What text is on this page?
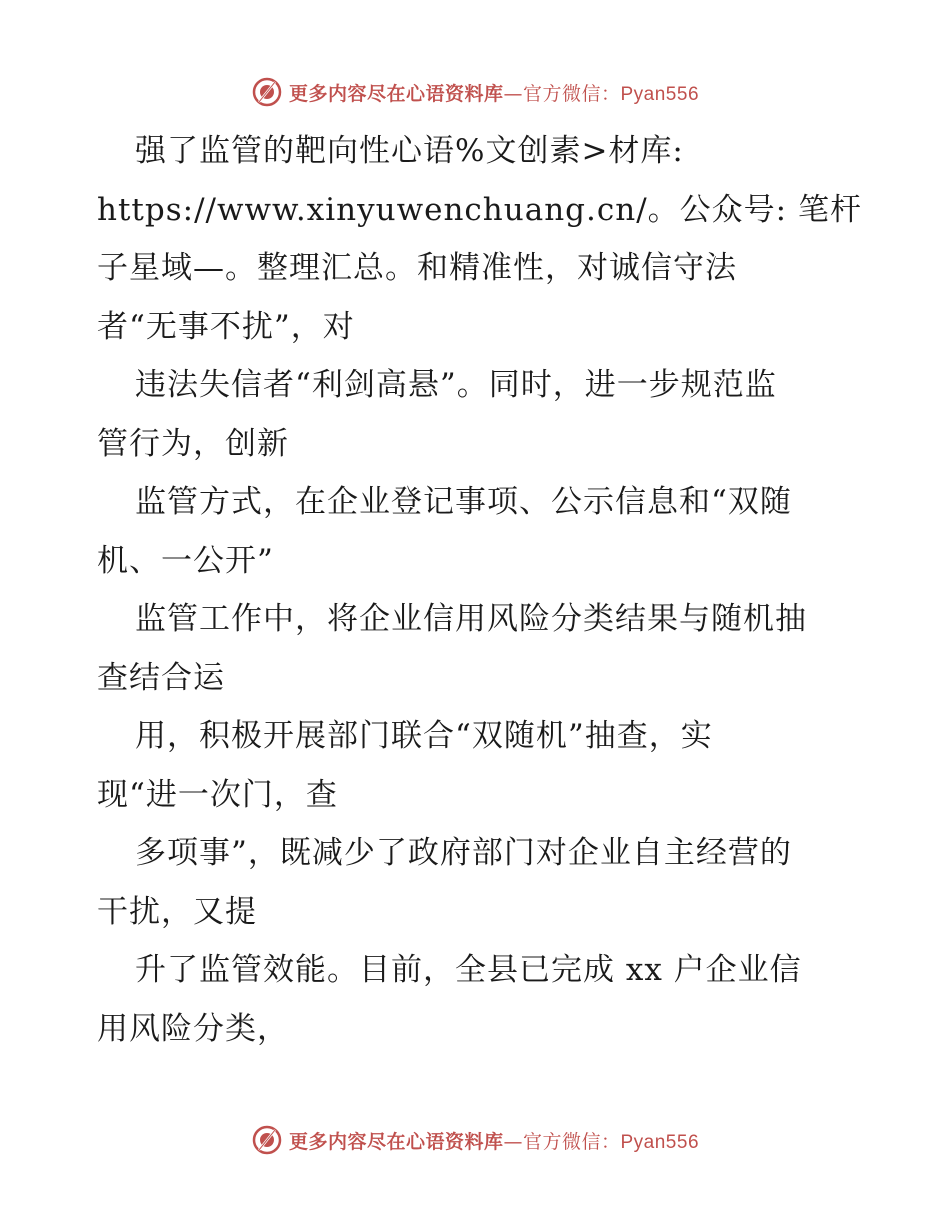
更多内容尽在心语资料库—官方微信：Pyan556
强了监管的靶向性心语%文创素>材库:
https://www.xinyuwenchuang.cn/。公众号: 笔杆
子星域—。整理汇总。和精准性，对诚信守法
者“无事不扰”，对
违法失信者“利剑高悬”。同时，进一步规范监
管行为，创新
监管方式，在企业登记事项、公示信息和“双随
机、一公开”
监管工作中，将企业信用风险分类结果与随机抽
查结合运
用，积极开展部门联合“双随机”抽查，实
现“进一次门，查
多项事”，既减少了政府部门对企业自主经营的
干扰，又提
升了监管效能。目前，全县已完成 xx 户企业信
用风险分类，
更多内容尽在心语资料库—官方微信：Pyan556
